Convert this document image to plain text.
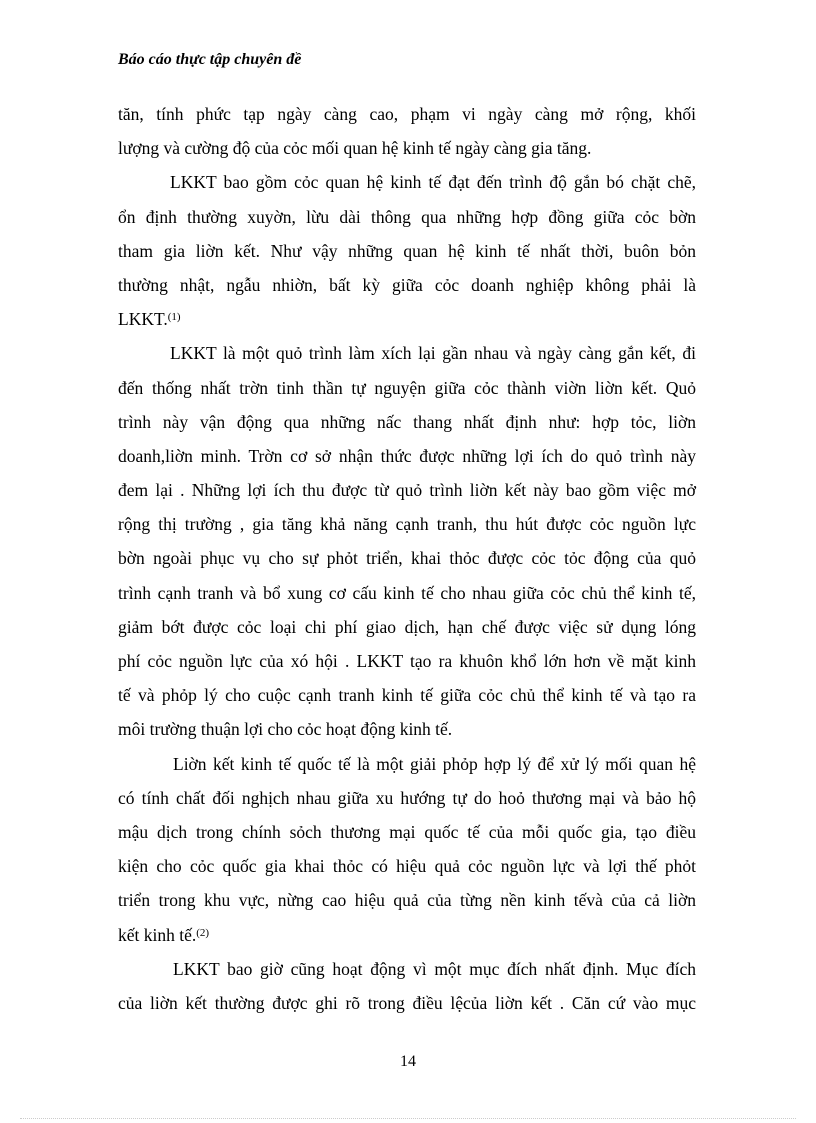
Báo cáo thực tập chuyên đề
tăn, tính phức tạp ngày càng cao, phạm vi ngày càng mở rộng, khối
lượng và cường độ của cỏc mối quan hệ kinh tế ngày càng gia tăng.
LKKT bao gồm cỏc quan hệ kinh tế đạt đến trình độ gắn bó chặt chẽ,
ổn định thường xuyờn, lừu dài thông qua những hợp đồng giữa cỏc bờn
tham gia liờn kết. Như vậy những quan hệ kinh tế nhất thời, buôn bỏn
thường nhật, ngẫu nhiờn, bất kỳ giữa cỏc doanh nghiệp không phải là
LKKT.$^{(1)}$
LKKT là một quỏ trình làm xích lại gần nhau và ngày càng gắn kết, đi
đến thống nhất trờn tinh thần tự nguyện giữa cỏc thành viờn liờn kết. Quỏ
trình này vận động qua những nấc thang nhất định như: hợp tỏc, liờn
doanh,liờn minh. Trờn cơ sở nhận thức được những lợi ích do quỏ trình này
đem lại . Những lợi ích thu được từ quỏ trình liờn kết này bao gồm việc mở
rộng thị trường , gia tăng khả năng cạnh tranh, thu hút được cỏc nguồn lực
bờn ngoài phục vụ cho sự phỏt triển, khai thỏc được cỏc tỏc động của quỏ
trình cạnh tranh và bổ xung cơ cấu kinh tế cho nhau giữa cỏc chủ thể kinh tế,
giảm bớt được cỏc loại chi phí giao dịch, hạn chế được việc sử dụng lóng
phí cỏc nguồn lực của xó hội . LKKT tạo ra khuôn khổ lớn hơn về mặt kinh
tế và phỏp lý cho cuộc cạnh tranh kinh tế giữa cỏc chủ thể kinh tế và tạo ra
môi trường thuận lợi cho cỏc hoạt động kinh tế.
Liờn kết kinh tế quốc tế là một giải phỏp hợp lý để xử lý mối quan hệ
có tính chất đối nghịch nhau giữa xu hướng tự do hoỏ thương mại và bảo hộ
mậu dịch trong chính sỏch thương mại quốc tế của mỗi quốc gia, tạo điều
kiện cho cỏc quốc gia khai thỏc có hiệu quả cỏc nguồn lực và lợi thế phỏt
triển trong khu vực, nừng cao hiệu quả của từng nền kinh tếvà của cả liờn
kết kinh tế.$^{(2)}$
LKKT bao giờ cũng hoạt động vì một mục đích nhất định. Mục đích
của liờn kết thường được ghi rõ trong điều lệcủa liờn kết . Căn cứ vào mục
14
